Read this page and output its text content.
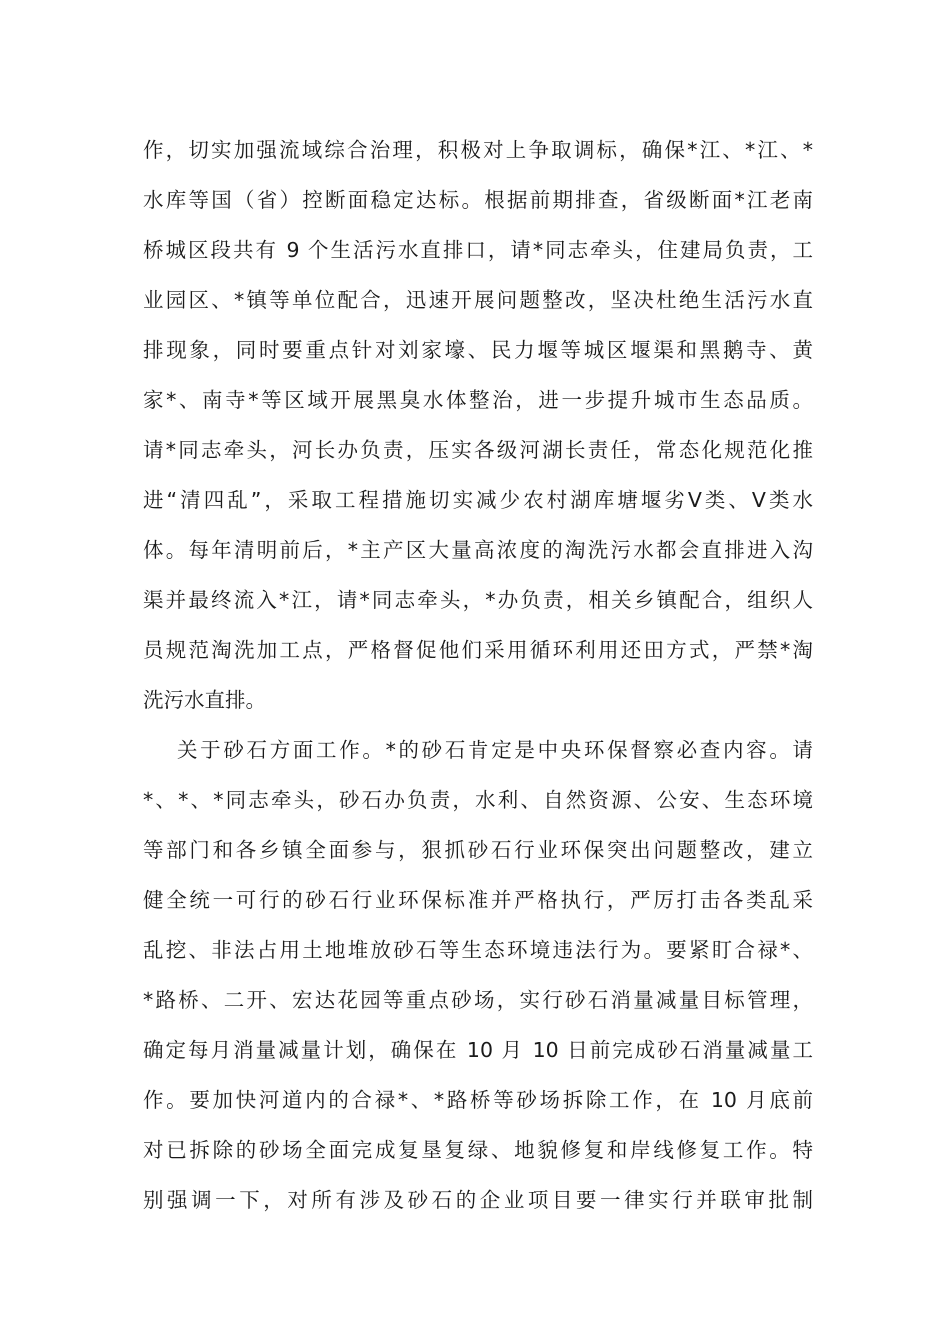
作，切实加强流域综合治理，积极对上争取调标，确保*江、*江、*
水库等国（省）控断面稳定达标。根据前期排查，省级断面*江老南
桥城区段共有 9 个生活污水直排口，请*同志牵头，住建局负责，工
业园区、*镇等单位配合，迅速开展问题整改，坚决杜绝生活污水直
排现象，同时要重点针对刘家壕、民力堰等城区堰渠和黑鹅寺、黄
家*、南寺*等区域开展黑臭水体整治，进一步提升城市生态品质。
请*同志牵头，河长办负责，压实各级河湖长责任，常态化规范化推
进“清四乱”，采取工程措施切实减少农村湖库塘堰劣Ⅴ类、Ⅴ类水
体。每年清明前后，*主产区大量高浓度的淘洗污水都会直排进入沟
渠并最终流入*江，请*同志牵头，*办负责，相关乡镇配合，组织人
员规范淘洗加工点，严格督促他们采用循环利用还田方式，严禁*淘
洗污水直排。
关于砂石方面工作。*的砂石肯定是中央环保督察必查内容。请
*、*、*同志牵头，砂石办负责，水利、自然资源、公安、生态环境
等部门和各乡镇全面参与，狠抓砂石行业环保突出问题整改，建立
健全统一可行的砂石行业环保标准并严格执行，严厉打击各类乱采
乱挖、非法占用土地堆放砂石等生态环境违法行为。要紧盯合禄*、
*路桥、二开、宏达花园等重点砂场，实行砂石消量减量目标管理，
确定每月消量减量计划，确保在 10 月 10 日前完成砂石消量减量工
作。要加快河道内的合禄*、*路桥等砂场拆除工作，在 10 月底前
对已拆除的砂场全面完成复垦复绿、地貌修复和岸线修复工作。特
别强调一下，对所有涉及砂石的企业项目要一律实行并联审批制
